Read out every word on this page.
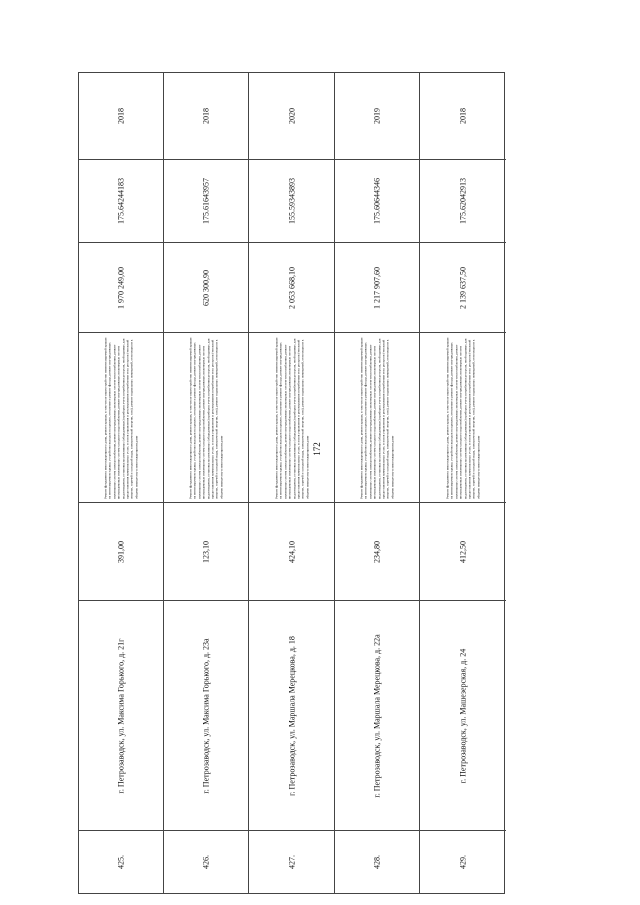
172
2018
175.64244183
1 970 249,00
Ремонт фундамента многоквартирного дома, ремонт крыши, в том числе переустройство невентилируемой крыши на вентилируемую крышу, устройство выходов на кровлю, утепление и ремонт фасада, ремонт внутридомовых инженерных систем электроснабжения, ремонт внутридомовых инженерных систем теплоснабжения, ремонт внутридомовых инженерных систем холодного водоснабжения, ремонт внутридомовых инженерных систем водоотведения, установка коллективных (общедомовых) приборов учета потребления ресурсов, необходимых для предоставления коммунальных услуг, и узлов управления и регулирования потребления этих ресурсов (тепловой энергии, горячей и холодной воды, электрической энергии, газа), ремонт подвальных помещений, относящихся к общему имуществу в многоквартирном доме
391,00
г. Петрозаводск, ул. Максима Горького, д. 21г
425.
2018
175.61643957
620 300,90
Ремонт фундамента многоквартирного дома, ремонт крыши, в том числе переустройство невентилируемой крыши на вентилируемую крышу, устройство выходов на кровлю, утепление и ремонт фасада, ремонт внутридомовых инженерных систем электроснабжения, ремонт внутридомовых инженерных систем теплоснабжения, ремонт внутридомовых инженерных систем холодного водоснабжения, ремонт внутридомовых инженерных систем водоотведения, установка коллективных (общедомовых) приборов учета потребления ресурсов, необходимых для предоставления коммунальных услуг, и узлов управления и регулирования потребления этих ресурсов (тепловой энергии, горячей и холодной воды, электрической энергии, газа), ремонт подвальных помещений, относящихся к общему имуществу в многоквартирном доме
123,10
г. Петрозаводск, ул. Максима Горького, д. 23а
426.
2020
155.59343893
2 053 668,10
Ремонт фундамента многоквартирного дома, ремонт крыши, в том числе переустройство невентилируемой крыши на вентилируемую крышу, устройство выходов на кровлю, утепление и ремонт фасада, ремонт внутридомовых инженерных систем электроснабжения, ремонт внутридомовых инженерных систем теплоснабжения, ремонт внутридомовых инженерных систем холодного водоснабжения, ремонт внутридомовых инженерных систем водоотведения, установка коллективных (общедомовых) приборов учета потребления ресурсов, необходимых для предоставления коммунальных услуг, и узлов управления и регулирования потребления этих ресурсов (тепловой энергии, горячей и холодной воды, электрической энергии, газа), ремонт подвальных помещений, относящихся к общему имуществу в многоквартирном доме
424,10
г. Петрозаводск, ул. Маршала Мерецкова, д. 18
427.
2019
175.60644346
1 217 907,60
Ремонт фундамента многоквартирного дома, ремонт крыши, в том числе переустройство невентилируемой крыши на вентилируемую крышу, устройство выходов на кровлю, утепление и ремонт фасада, ремонт внутридомовых инженерных систем электроснабжения, ремонт внутридомовых инженерных систем теплоснабжения, ремонт внутридомовых инженерных систем холодного водоснабжения, ремонт внутридомовых инженерных систем водоотведения, установка коллективных (общедомовых) приборов учета потребления ресурсов, необходимых для предоставления коммунальных услуг, и узлов управления и регулирования потребления этих ресурсов (тепловой энергии, горячей и холодной воды, электрической энергии, газа), ремонт подвальных помещений, относящихся к общему имуществу в многоквартирном доме
234,80
г. Петрозаводск, ул. Маршала Мерецкова, д. 22а
428.
2018
175.62042913
2 139 637,50
Ремонт фундамента многоквартирного дома, ремонт крыши, в том числе переустройство невентилируемой крыши на вентилируемую крышу, устройство выходов на кровлю, утепление и ремонт фасада, ремонт внутридомовых инженерных систем электроснабжения, ремонт внутридомовых инженерных систем теплоснабжения, ремонт внутридомовых инженерных систем холодного водоснабжения, ремонт внутридомовых инженерных систем водоотведения, установка коллективных (общедомовых) приборов учета потребления ресурсов, необходимых для предоставления коммунальных услуг, и узлов управления и регулирования потребления этих ресурсов (тепловой энергии, горячей и холодной воды, электрической энергии, газа), ремонт подвальных помещений, относящихся к общему имуществу в многоквартирном доме
412,50
г. Петрозаводск, ул. Машезерская, д. 24
429.
